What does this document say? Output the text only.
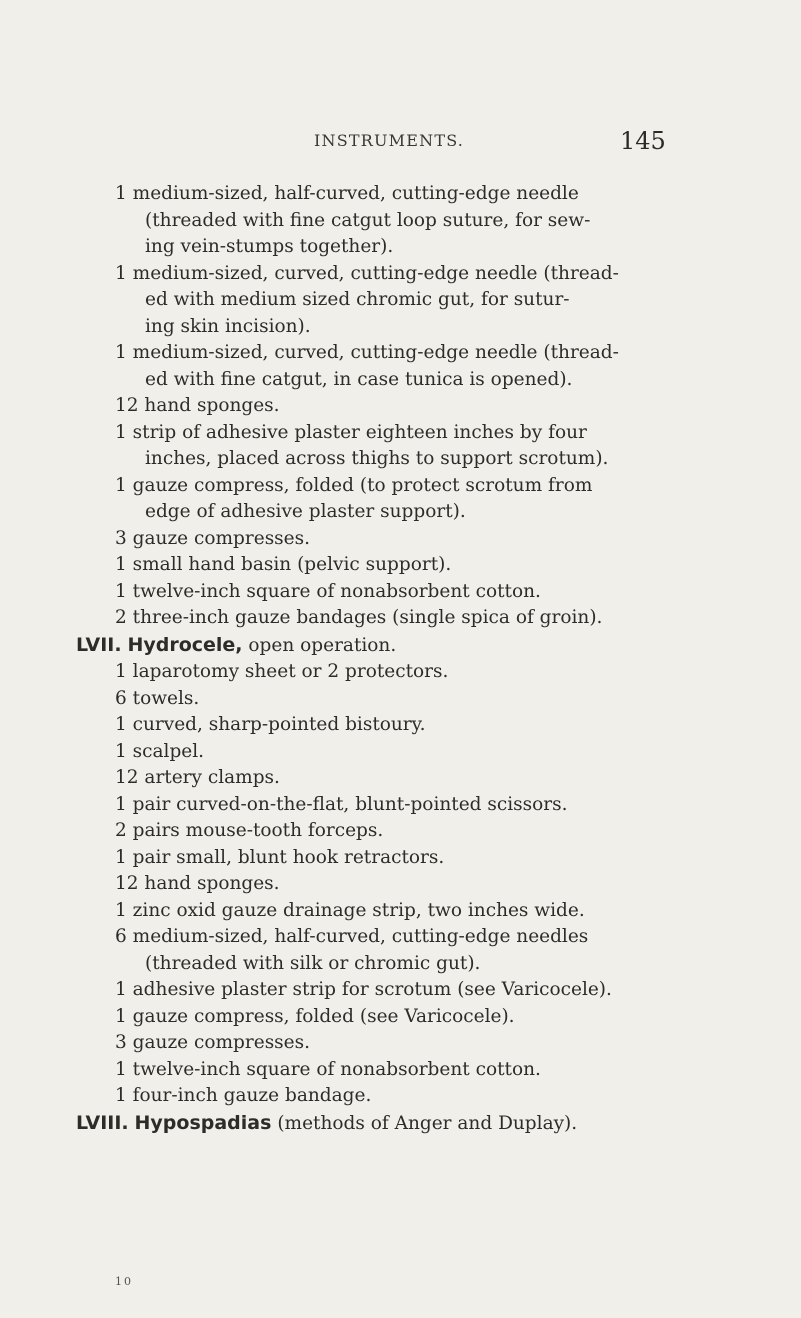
INSTRUMENTS.	145
1 medium-sized, half-curved, cutting-edge needle
(threaded with fine catgut loop suture, for sew-
ing vein-stumps together).
1 medium-sized, curved, cutting-edge needle (thread-
ed with medium sized chromic gut, for sutur-
ing skin incision).
1 medium-sized, curved, cutting-edge needle (thread-
ed with fine catgut, in case tunica is opened).
12 hand sponges.
1 strip of adhesive plaster eighteen inches by four
inches, placed across thighs to support scrotum).
1 gauze compress, folded (to protect scrotum from
edge of adhesive plaster support).
3 gauze compresses.
1 small hand basin (pelvic support).
1 twelve-inch square of nonabsorbent cotton.
2 three-inch gauze bandages (single spica of groin).
LVII. Hydrocele, open operation.
1 laparotomy sheet or 2 protectors.
6 towels.
1 curved, sharp-pointed bistoury.
1 scalpel.
12 artery clamps.
1 pair curved-on-the-flat, blunt-pointed scissors.
2 pairs mouse-tooth forceps.
1 pair small, blunt hook retractors.
12 hand sponges.
1 zinc oxid gauze drainage strip, two inches wide.
6 medium-sized, half-curved, cutting-edge needles
(threaded with silk or chromic gut).
1 adhesive plaster strip for scrotum (see Varicocele).
1 gauze compress, folded (see Varicocele).
3 gauze compresses.
1 twelve-inch square of nonabsorbent cotton.
1 four-inch gauze bandage.
LVIII. Hypospadias (methods of Anger and Duplay).
10
